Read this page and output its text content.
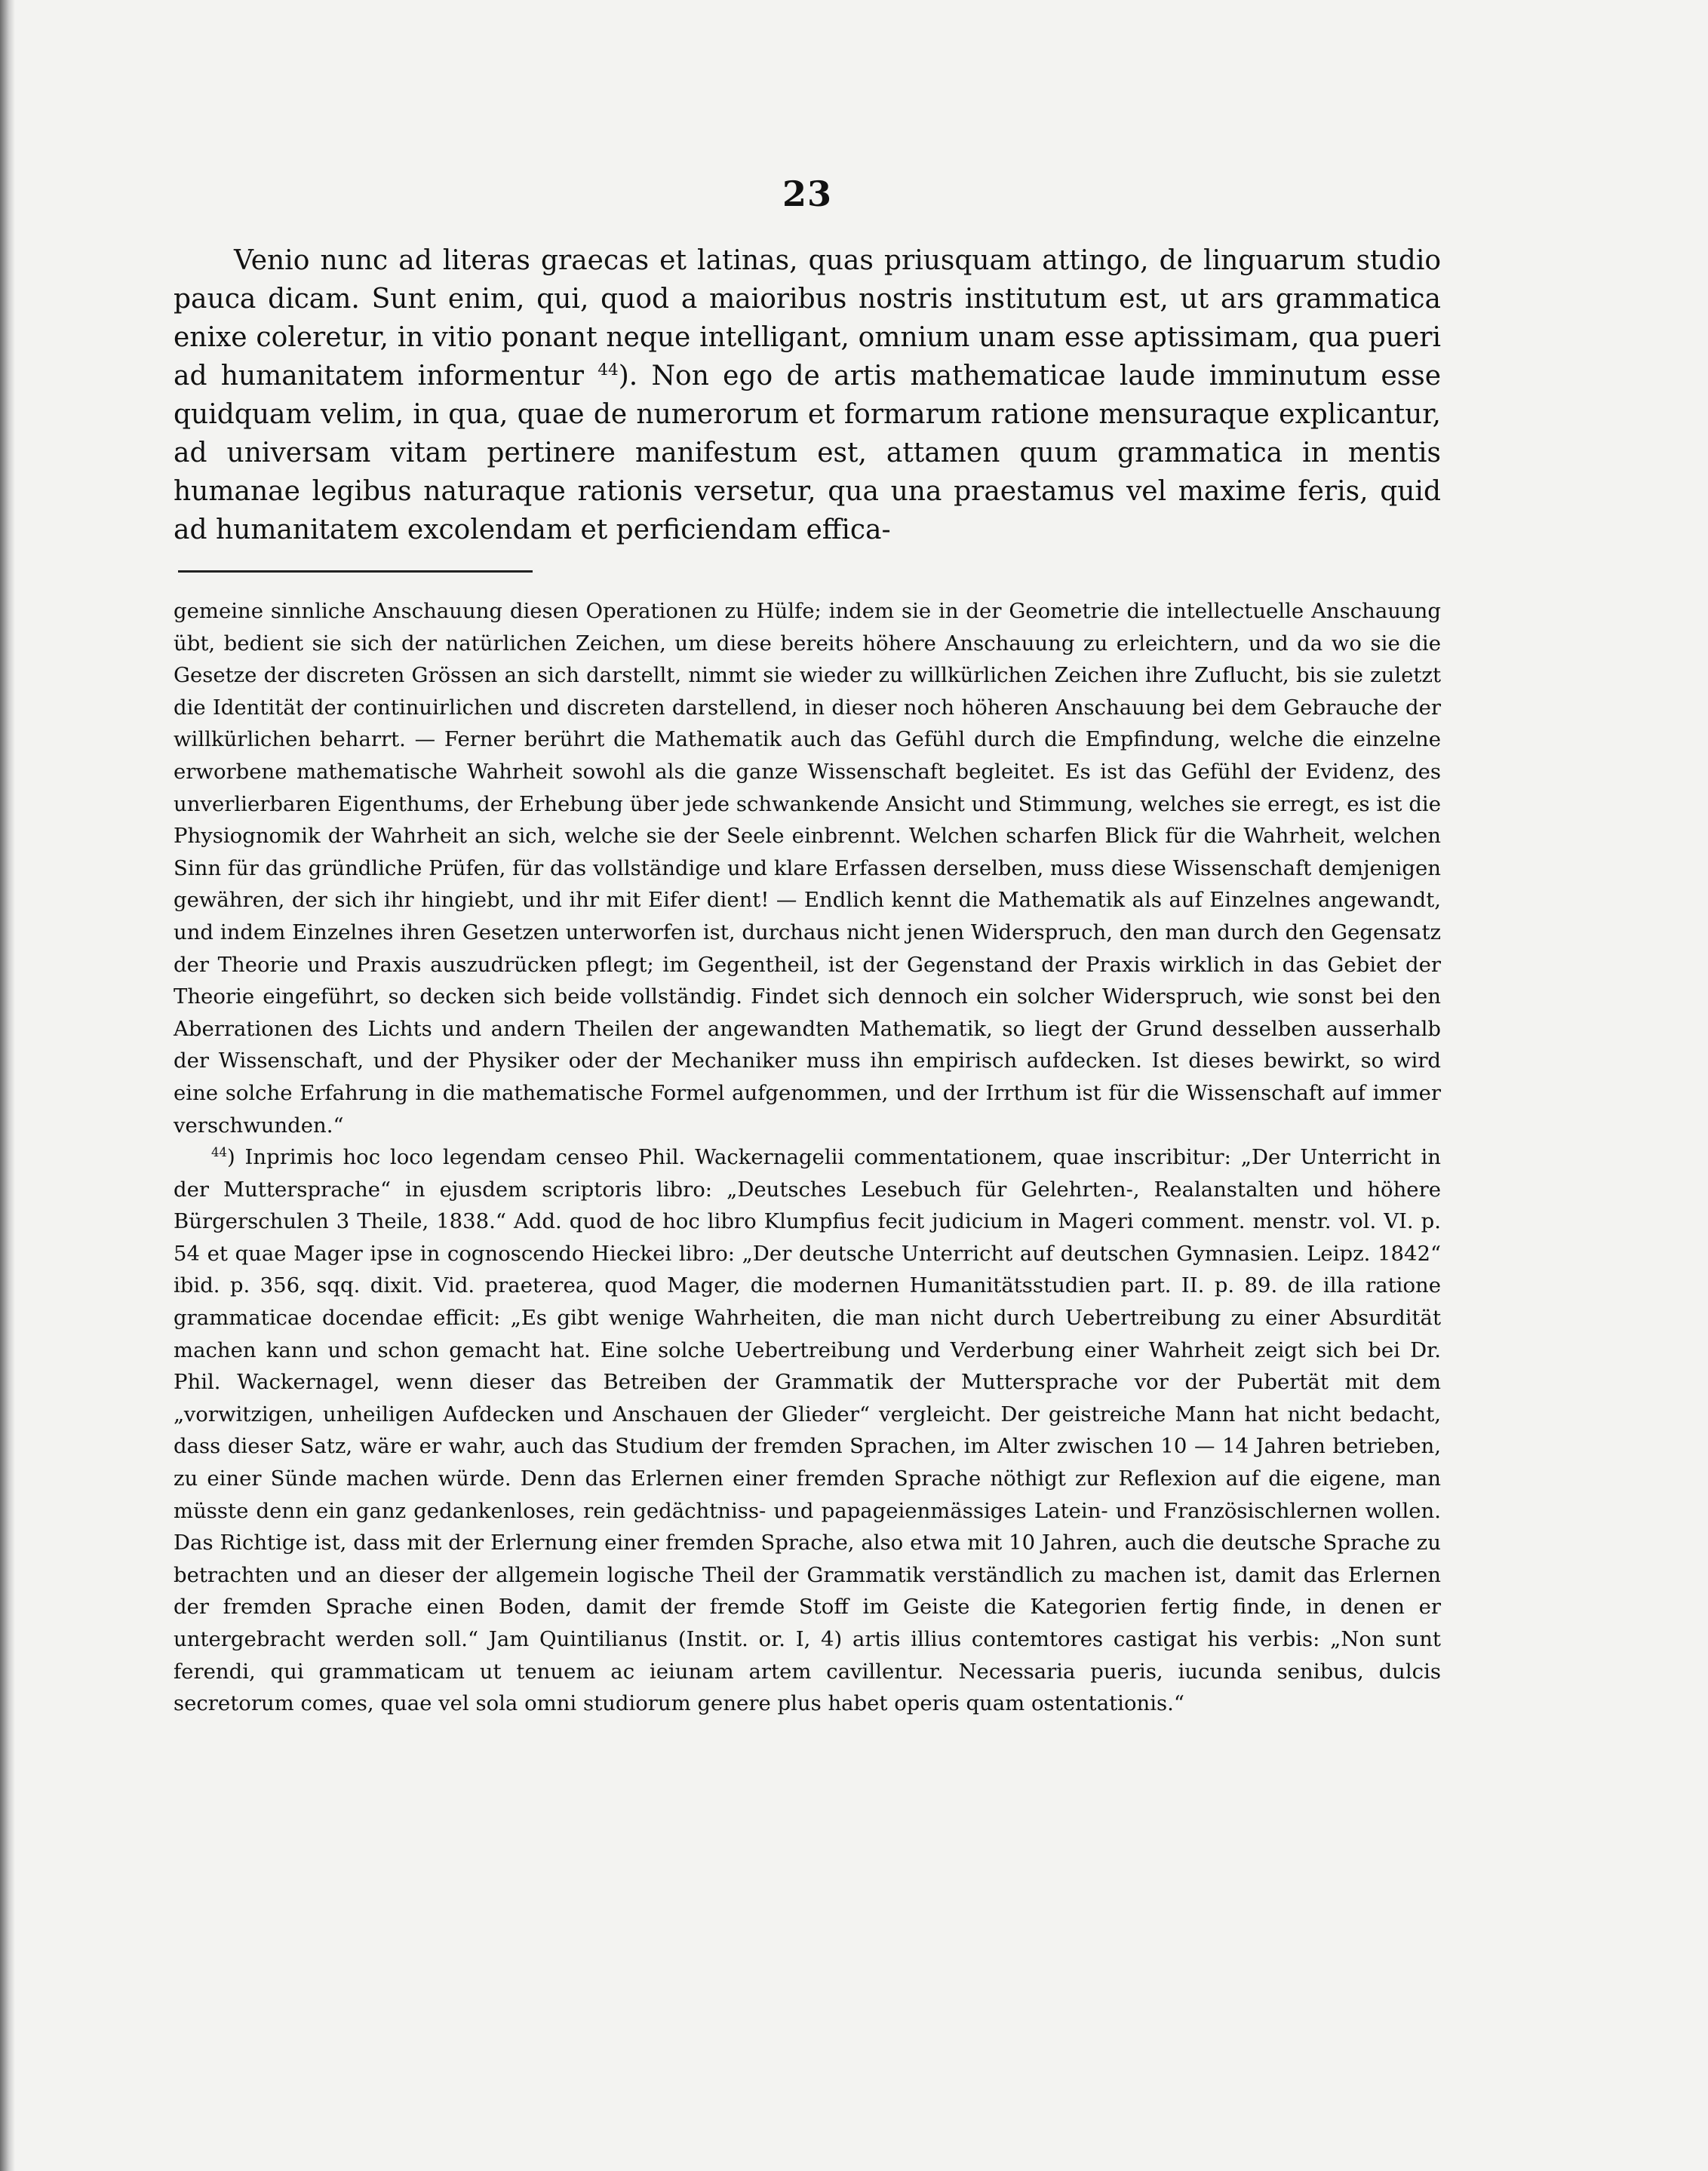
23

Venio nunc ad literas graecas et latinas, quas priusquam attingo, de linguarum studio pauca dicam. Sunt enim, qui, quod a maioribus nostris institutum est, ut ars grammatica enixe coleretur, in vitio ponant neque intelligant, omnium unam esse aptissimam, qua pueri ad humanitatem informentur $^{44}$). Non ego de artis mathematicae laude imminutum esse quidquam velim, in qua, quae de numerorum et formarum ratione mensuraque explicantur, ad universam vitam pertinere manifestum est, attamen quum grammatica in mentis humanae legibus naturaque rationis versetur, qua una praestamus vel maxime feris, quid ad humanitatem excolendam et perficiendam effica-

gemeine sinnliche Anschauung diesen Operationen zu Hülfe; indem sie in der Geometrie die intellectuelle Anschauung übt, bedient sie sich der natürlichen Zeichen, um diese bereits höhere Anschauung zu erleichtern, und da wo sie die Gesetze der discreten Grössen an sich darstellt, nimmt sie wieder zu willkürlichen Zeichen ihre Zuflucht, bis sie zuletzt die Identität der continuirlichen und discreten darstellend, in dieser noch höheren Anschauung bei dem Gebrauche der willkürlichen beharrt. — Ferner berührt die Mathematik auch das Gefühl durch die Empfindung, welche die einzelne erworbene mathematische Wahrheit sowohl als die ganze Wissenschaft begleitet. Es ist das Gefühl der Evidenz, des unverlierbaren Eigenthums, der Erhebung über jede schwankende Ansicht und Stimmung, welches sie erregt, es ist die Physiognomik der Wahrheit an sich, welche sie der Seele einbrennt. Welchen scharfen Blick für die Wahrheit, welchen Sinn für das gründliche Prüfen, für das vollständige und klare Erfassen derselben, muss diese Wissenschaft demjenigen gewähren, der sich ihr hingiebt, und ihr mit Eifer dient! — Endlich kennt die Mathematik als auf Einzelnes angewandt, und indem Einzelnes ihren Gesetzen unterworfen ist, durchaus nicht jenen Widerspruch, den man durch den Gegensatz der Theorie und Praxis auszudrücken pflegt; im Gegentheil, ist der Gegenstand der Praxis wirklich in das Gebiet der Theorie eingeführt, so decken sich beide vollständig. Findet sich dennoch ein solcher Widerspruch, wie sonst bei den Aberrationen des Lichts und andern Theilen der angewandten Mathematik, so liegt der Grund desselben ausserhalb der Wissenschaft, und der Physiker oder der Mechaniker muss ihn empirisch aufdecken. Ist dieses bewirkt, so wird eine solche Erfahrung in die mathematische Formel aufgenommen, und der Irrthum ist für die Wissenschaft auf immer verschwunden.“

$^{44}$) Inprimis hoc loco legendam censeo Phil. Wackernagelii commentationem, quae inscribitur: „Der Unterricht in der Muttersprache“ in ejusdem scriptoris libro: „Deutsches Lesebuch für Gelehrten-, Realanstalten und höhere Bürgerschulen 3 Theile, 1838.“ Add. quod de hoc libro Klumpfius fecit judicium in Mageri comment. menstr. vol. VI. p. 54 et quae Mager ipse in cognoscendo Hieckei libro: „Der deutsche Unterricht auf deutschen Gymnasien. Leipz. 1842“ ibid. p. 356, sqq. dixit. Vid. praeterea, quod Mager, die modernen Humanitätsstudien part. II. p. 89. de illa ratione grammaticae docendae efficit: „Es gibt wenige Wahrheiten, die man nicht durch Uebertreibung zu einer Absurdität machen kann und schon gemacht hat. Eine solche Uebertreibung und Verderbung einer Wahrheit zeigt sich bei Dr. Phil. Wackernagel, wenn dieser das Betreiben der Grammatik der Muttersprache vor der Pubertät mit dem „vorwitzigen, unheiligen Aufdecken und Anschauen der Glieder“ vergleicht. Der geistreiche Mann hat nicht bedacht, dass dieser Satz, wäre er wahr, auch das Studium der fremden Sprachen, im Alter zwischen 10 — 14 Jahren betrieben, zu einer Sünde machen würde. Denn das Erlernen einer fremden Sprache nöthigt zur Reflexion auf die eigene, man müsste denn ein ganz gedankenloses, rein gedächtniss- und papageienmässiges Latein- und Französischlernen wollen. Das Richtige ist, dass mit der Erlernung einer fremden Sprache, also etwa mit 10 Jahren, auch die deutsche Sprache zu betrachten und an dieser der allgemein logische Theil der Grammatik verständlich zu machen ist, damit das Erlernen der fremden Sprache einen Boden, damit der fremde Stoff im Geiste die Kategorien fertig finde, in denen er untergebracht werden soll.“ Jam Quintilianus (Instit. or. I, 4) artis illius contemtores castigat his verbis: „Non sunt ferendi, qui grammaticam ut tenuem ac ieiunam artem cavillentur. Necessaria pueris, iucunda senibus, dulcis secretorum comes, quae vel sola omni studiorum genere plus habet operis quam ostentationis.“
